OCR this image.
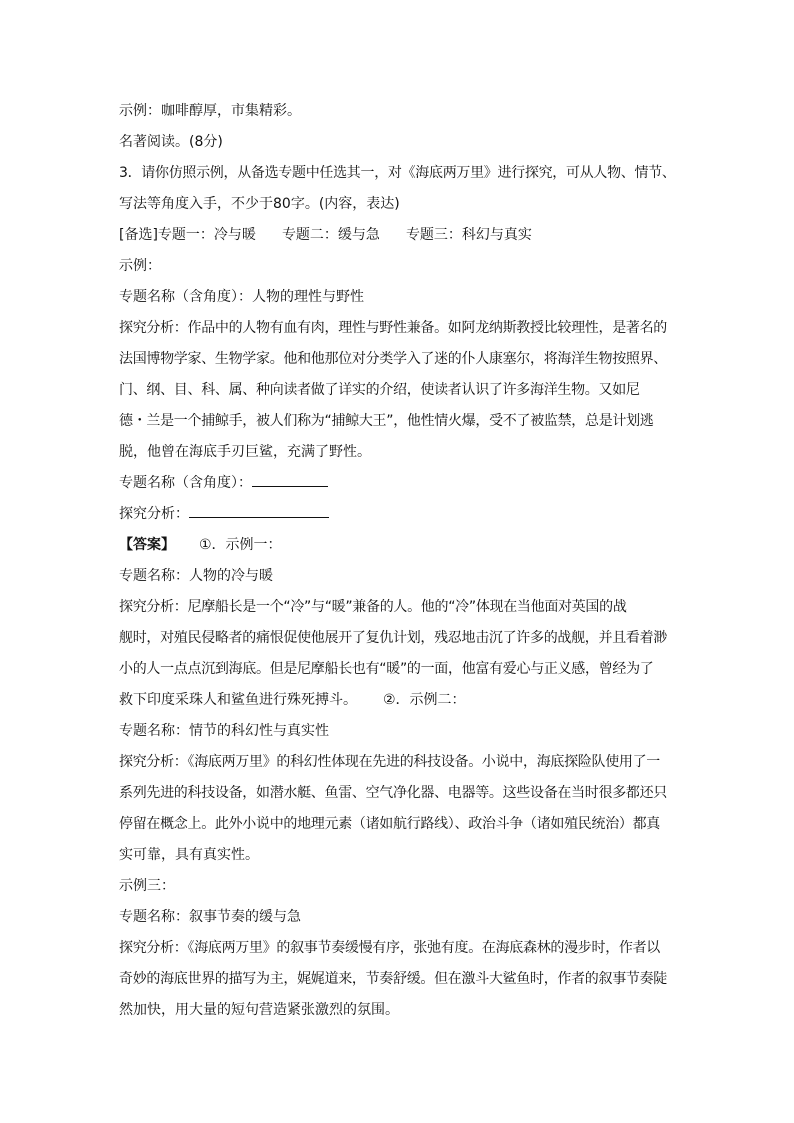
示例：咖啡醇厚，市集精彩。
名著阅读。(8分)
3．请你仿照示例，从备选专题中任选其一，对《海底两万里》进行探究，可从人物、情节、
写法等角度入手，不少于80字。(内容，表达)
[备选]专题一：冷与暖 专题二：缓与急 专题三：科幻与真实
示例：
专题名称（含角度）：人物的理性与野性
探究分析：作品中的人物有血有肉，理性与野性兼备。如阿龙纳斯教授比较理性，是著名的
法国博物学家、生物学家。他和他那位对分类学入了迷的仆人康塞尔，将海洋生物按照界、
门、纲、目、科、属、种向读者做了详实的介绍，使读者认识了许多海洋生物。又如尼
德・兰是一个捕鲸手，被人们称为“捕鲸大王”，他性情火爆，受不了被监禁，总是计划逃
脱，他曾在海底手刃巨鲨，充满了野性。
专题名称（含角度）：
探究分析：
【答案】 ①．示例一：
专题名称：人物的冷与暖
探究分析：尼摩船长是一个“冷”与“暖”兼备的人。他的“冷”体现在当他面对英国的战
舰时，对殖民侵略者的痛恨促使他展开了复仇计划，残忍地击沉了许多的战舰，并且看着渺
小的人一点点沉到海底。但是尼摩船长也有“暖”的一面，他富有爱心与正义感，曾经为了
救下印度采珠人和鲨鱼进行殊死搏斗。 ②．示例二：
专题名称：情节的科幻性与真实性
探究分析：《海底两万里》的科幻性体现在先进的科技设备。小说中，海底探险队使用了一
系列先进的科技设备，如潜水艇、鱼雷、空气净化器、电器等。这些设备在当时很多都还只
停留在概念上。此外小说中的地理元素（诸如航行路线）、政治斗争（诸如殖民统治）都真
实可靠，具有真实性。
示例三：
专题名称：叙事节奏的缓与急
探究分析：《海底两万里》的叙事节奏缓慢有序，张弛有度。在海底森林的漫步时，作者以
奇妙的海底世界的描写为主，娓娓道来，节奏舒缓。但在激斗大鲨鱼时，作者的叙事节奏陡
然加快，用大量的短句营造紧张激烈的氛围。
